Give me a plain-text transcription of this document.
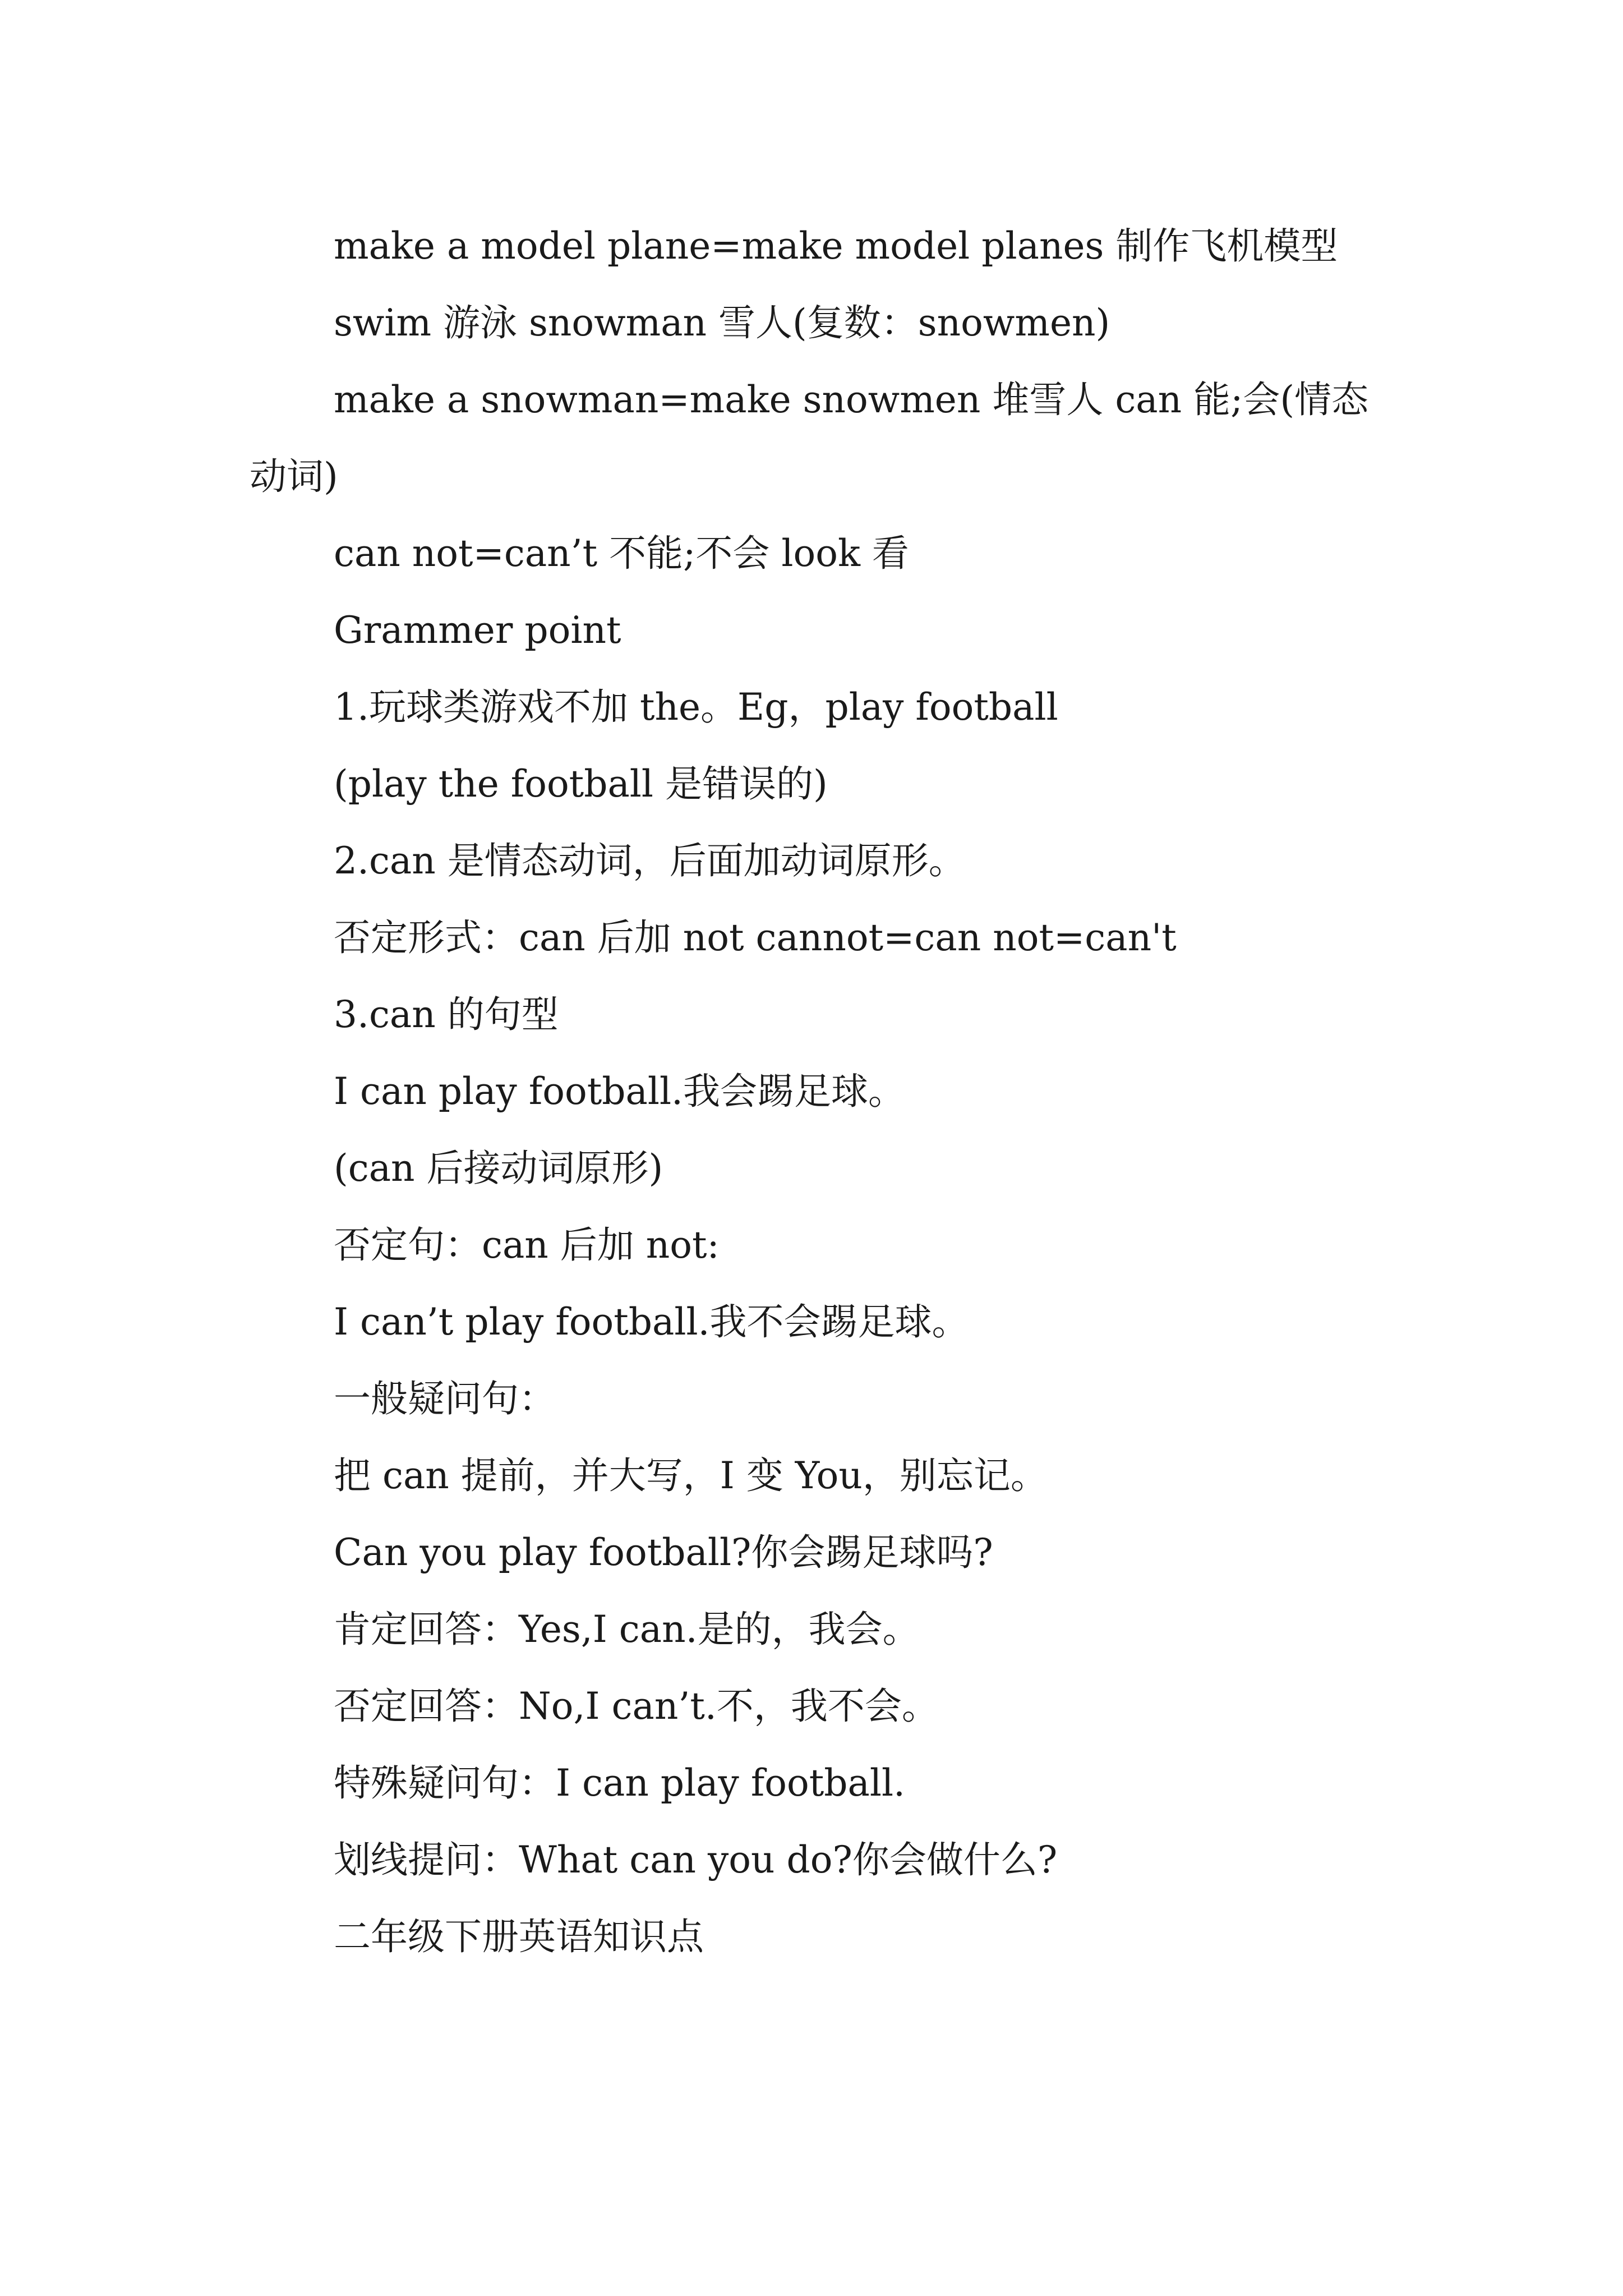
make a model plane=make model planes 制作飞机模型

swim 游泳 snowman 雪人(复数：snowmen)

make a snowman=make snowmen 堆雪人 can 能;会(情态动词)

can not=can’t 不能;不会 look 看

Grammer point

1.玩球类游戏不加 the。Eg，play football

(play the football 是错误的)

2.can 是情态动词，后面加动词原形。

否定形式：can 后加 not cannot=can not=can't

3.can 的句型

I can play football.我会踢足球。

(can 后接动词原形)

否定句：can 后加 not:

I can’t play football.我不会踢足球。

一般疑问句：

把 can 提前，并大写，I 变 You，别忘记。

Can you play football?你会踢足球吗?

肯定回答：Yes,I can.是的，我会。

否定回答：No,I can’t.不，我不会。

特殊疑问句：I can play football.

划线提问：What can you do?你会做什么?

二年级下册英语知识点
